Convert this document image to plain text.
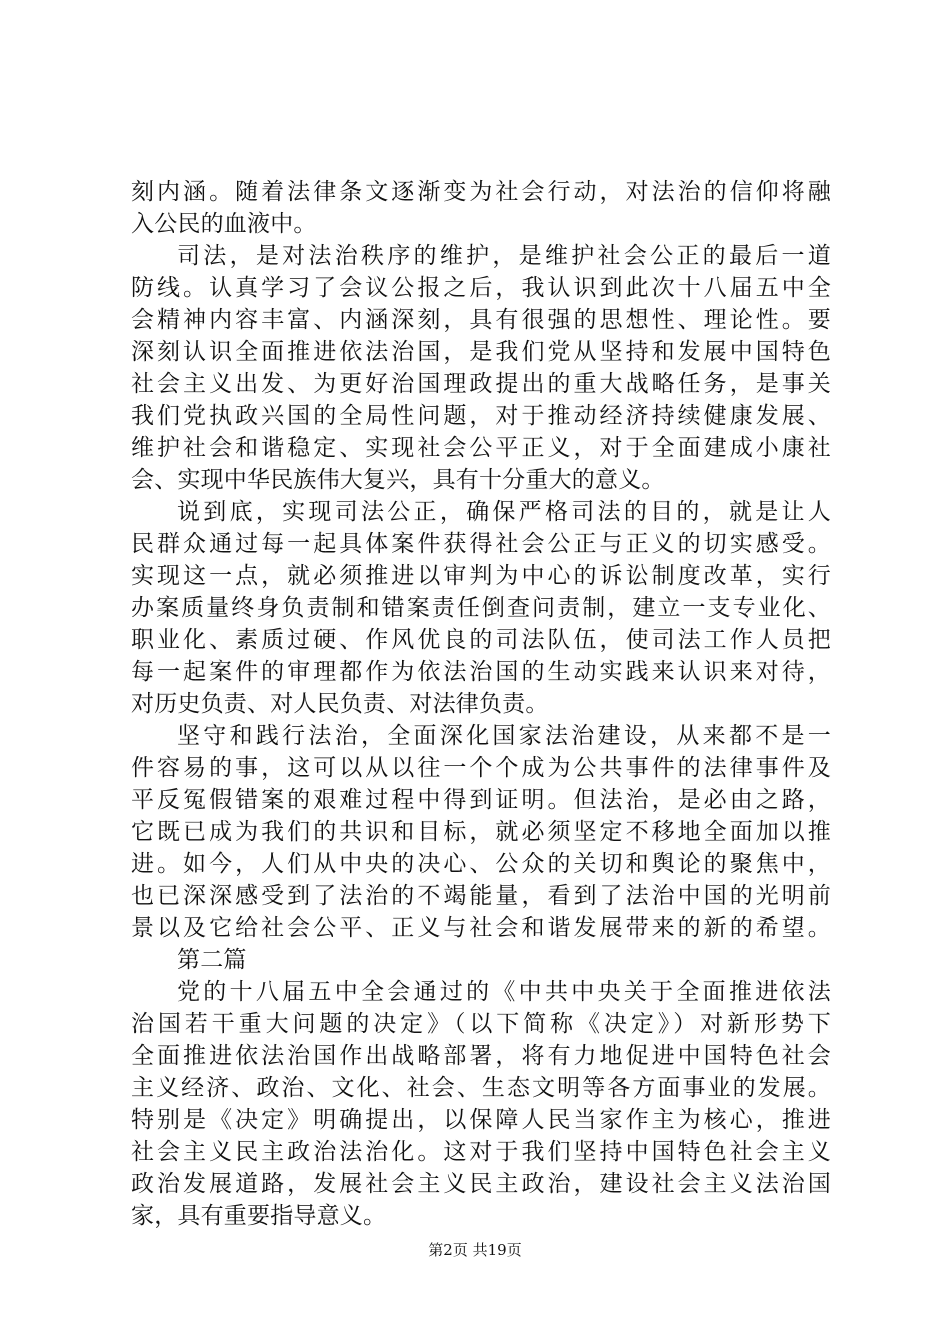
刻内涵。随着法律条文逐渐变为社会行动，对法治的信仰将融
入公民的血液中。
司法，是对法治秩序的维护，是维护社会公正的最后一道
防线。认真学习了会议公报之后，我认识到此次十八届五中全
会精神内容丰富、内涵深刻，具有很强的思想性、理论性。要
深刻认识全面推进依法治国，是我们党从坚持和发展中国特色
社会主义出发、为更好治国理政提出的重大战略任务，是事关
我们党执政兴国的全局性问题，对于推动经济持续健康发展、
维护社会和谐稳定、实现社会公平正义，对于全面建成小康社
会、实现中华民族伟大复兴，具有十分重大的意义。
说到底，实现司法公正，确保严格司法的目的，就是让人
民群众通过每一起具体案件获得社会公正与正义的切实感受。
实现这一点，就必须推进以审判为中心的诉讼制度改革，实行
办案质量终身负责制和错案责任倒查问责制，建立一支专业化、
职业化、素质过硬、作风优良的司法队伍，使司法工作人员把
每一起案件的审理都作为依法治国的生动实践来认识来对待，
对历史负责、对人民负责、对法律负责。
坚守和践行法治，全面深化国家法治建设，从来都不是一
件容易的事，这可以从以往一个个成为公共事件的法律事件及
平反冤假错案的艰难过程中得到证明。但法治，是必由之路，
它既已成为我们的共识和目标，就必须坚定不移地全面加以推
进。如今，人们从中央的决心、公众的关切和舆论的聚焦中，
也已深深感受到了法治的不竭能量，看到了法治中国的光明前
景以及它给社会公平、正义与社会和谐发展带来的新的希望。
第二篇
党的十八届五中全会通过的《中共中央关于全面推进依法
治国若干重大问题的决定》（以下简称《决定》）对新形势下
全面推进依法治国作出战略部署，将有力地促进中国特色社会
主义经济、政治、文化、社会、生态文明等各方面事业的发展。
特别是《决定》明确提出，以保障人民当家作主为核心，推进
社会主义民主政治法治化。这对于我们坚持中国特色社会主义
政治发展道路，发展社会主义民主政治，建设社会主义法治国
家，具有重要指导意义。
第2页 共19页
